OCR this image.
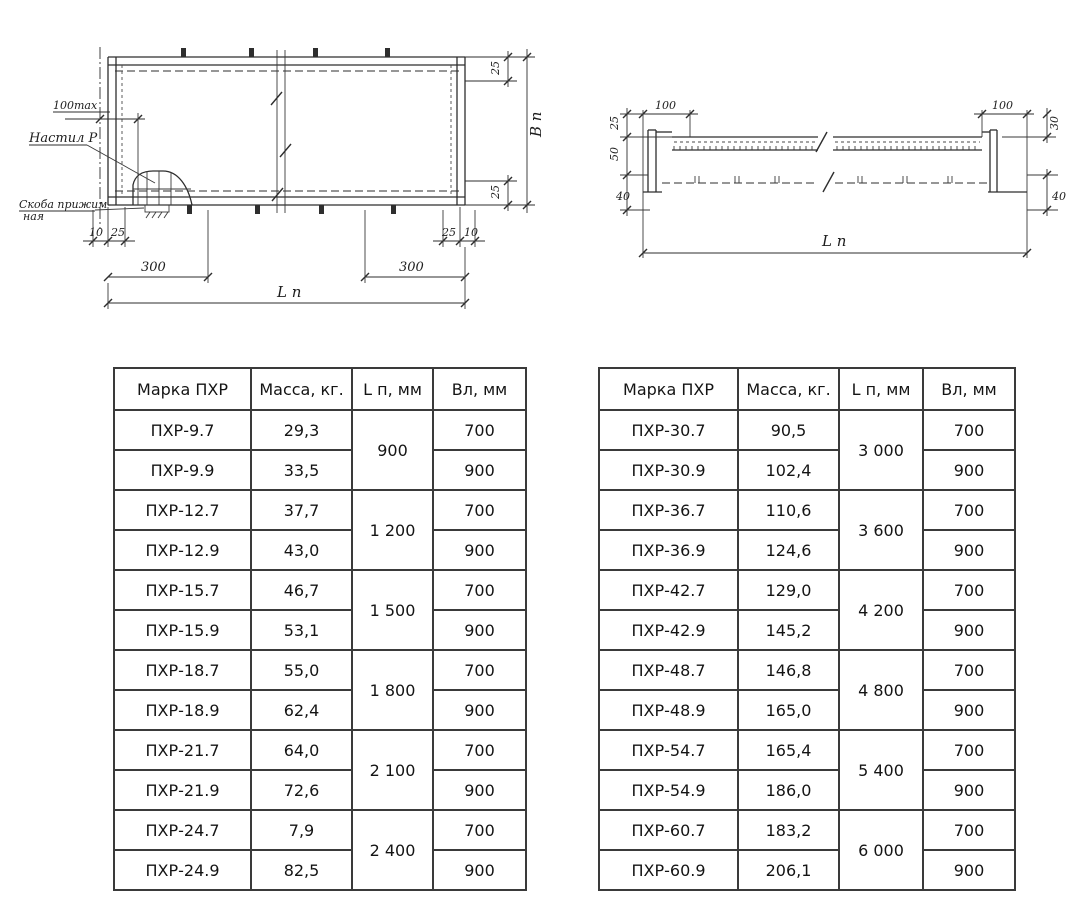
100max
Настил Р
Скоба прижим-
ная
25
25
В п
10 25	25 10
300	300
L п
100	100
25
50
40
30
40
L п
Марка ПХР	Масса, кг.	L п, мм	Вл, мм
ПХР-9.7	29,3	900	700
ПХР-9.9	33,5		900
ПХР-12.7	37,7	1 200	700
ПХР-12.9	43,0		900
ПХР-15.7	46,7	1 500	700
ПХР-15.9	53,1		900
ПХР-18.7	55,0	1 800	700
ПХР-18.9	62,4		900
ПХР-21.7	64,0	2 100	700
ПХР-21.9	72,6		900
ПХР-24.7	7,9	2 400	700
ПХР-24.9	82,5		900
Марка ПХР	Масса, кг.	L п, мм	Вл, мм
ПХР-30.7	90,5	3 000	700
ПХР-30.9	102,4		900
ПХР-36.7	110,6	3 600	700
ПХР-36.9	124,6		900
ПХР-42.7	129,0	4 200	700
ПХР-42.9	145,2		900
ПХР-48.7	146,8	4 800	700
ПХР-48.9	165,0		900
ПХР-54.7	165,4	5 400	700
ПХР-54.9	186,0		900
ПХР-60.7	183,2	6 000	700
ПХР-60.9	206,1		900
